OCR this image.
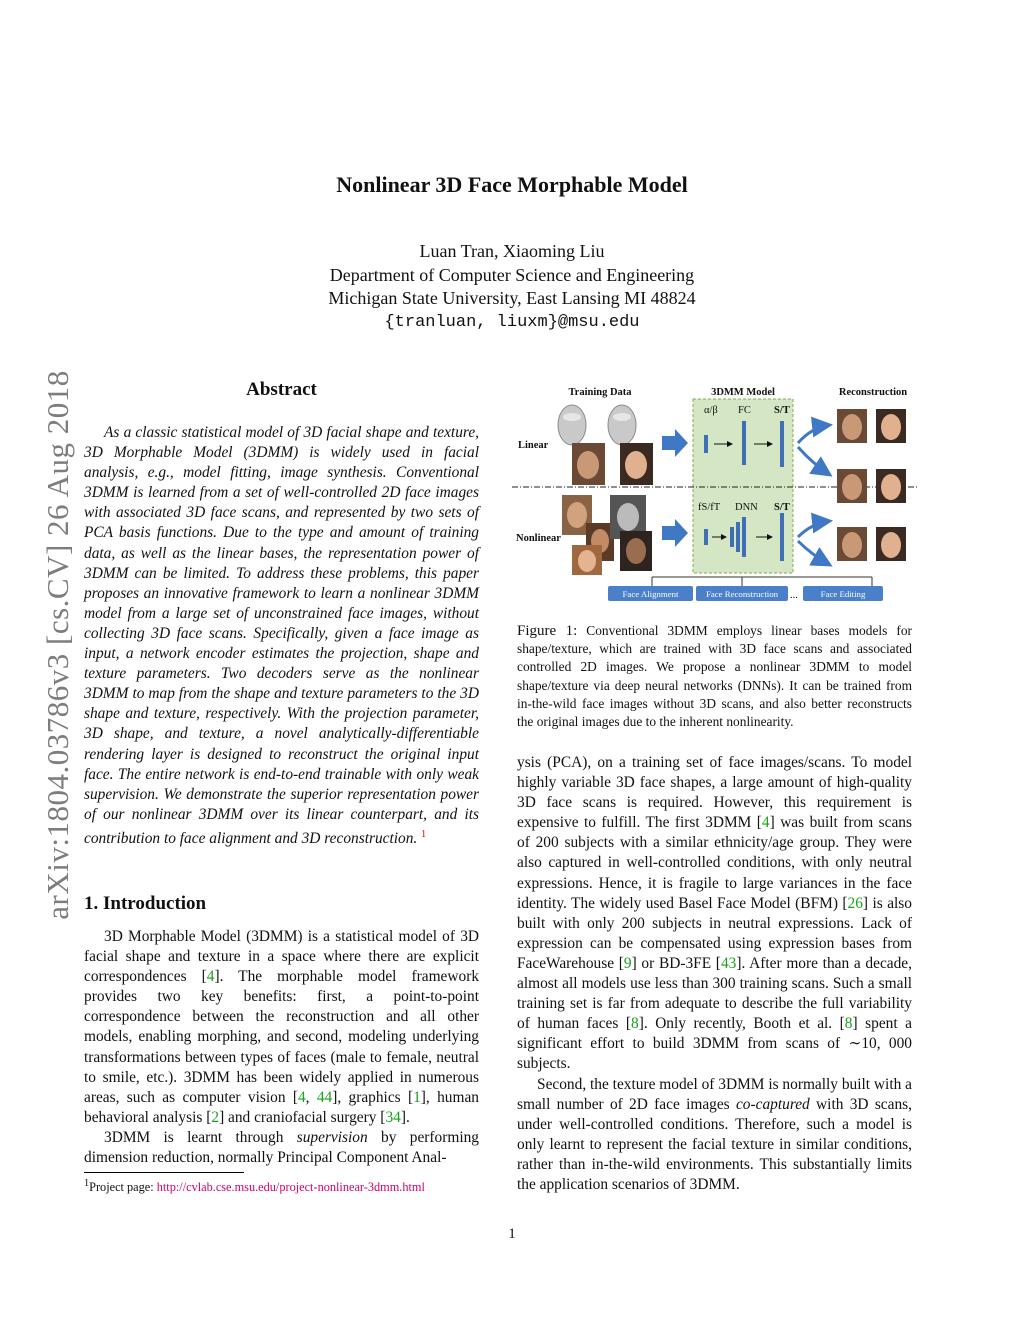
arXiv:1804.03786v3 [cs.CV] 26 Aug 2018
Nonlinear 3D Face Morphable Model
Luan Tran, Xiaoming Liu
Department of Computer Science and Engineering
Michigan State University, East Lansing MI 48824
{tranluan, liuxm}@msu.edu
Abstract
As a classic statistical model of 3D facial shape and texture, 3D Morphable Model (3DMM) is widely used in facial analysis, e.g., model fitting, image synthesis. Conventional 3DMM is learned from a set of well-controlled 2D face images with associated 3D face scans, and represented by two sets of PCA basis functions. Due to the type and amount of training data, as well as the linear bases, the representation power of 3DMM can be limited. To address these problems, this paper proposes an innovative framework to learn a nonlinear 3DMM model from a large set of unconstrained face images, without collecting 3D face scans. Specifically, given a face image as input, a network encoder estimates the projection, shape and texture parameters. Two decoders serve as the nonlinear 3DMM to map from the shape and texture parameters to the 3D shape and texture, respectively. With the projection parameter, 3D shape, and texture, a novel analytically-differentiable rendering layer is designed to reconstruct the original input face. The entire network is end-to-end trainable with only weak supervision. We demonstrate the superior representation power of our nonlinear 3DMM over its linear counterpart, and its contribution to face alignment and 3D reconstruction. $^1$
1. Introduction

3D Morphable Model (3DMM) is a statistical model of 3D facial shape and texture in a space where there are explicit correspondences [4]. The morphable model framework provides two key benefits: first, a point-to-point correspondence between the reconstruction and all other models, enabling morphing, and second, modeling underlying transformations between types of faces (male to female, neutral to smile, etc.). 3DMM has been widely applied in numerous areas, such as computer vision [4, 44], graphics [1], human behavioral analysis [2] and craniofacial surgery [34].

3DMM is learnt through supervision by performing dimension reduction, normally Principal Component Anal-

$^1$Project page: http://cvlab.cse.msu.edu/project-nonlinear-3dmm.html
Training Data	3DMM Model	Reconstruction
Linear
Nonlinear
α/β FC S/T
fS/fT DNN S/T
Face Alignment	Face Reconstruction ...	Face Editing
Figure 1: Conventional 3DMM employs linear bases models for shape/texture, which are trained with 3D face scans and associated controlled 2D images. We propose a nonlinear 3DMM to model shape/texture via deep neural networks (DNNs). It can be trained from in-the-wild face images without 3D scans, and also better reconstructs the original images due to the inherent nonlinearity.

ysis (PCA), on a training set of face images/scans. To model highly variable 3D face shapes, a large amount of high-quality 3D face scans is required. However, this requirement is expensive to fulfill. The first 3DMM [4] was built from scans of 200 subjects with a similar ethnicity/age group. They were also captured in well-controlled conditions, with only neutral expressions. Hence, it is fragile to large variances in the face identity. The widely used Basel Face Model (BFM) [26] is also built with only 200 subjects in neutral expressions. Lack of expression can be compensated using expression bases from FaceWarehouse [9] or BD-3FE [43]. After more than a decade, almost all models use less than 300 training scans. Such a small training set is far from adequate to describe the full variability of human faces [8]. Only recently, Booth et al. [8] spent a significant effort to build 3DMM from scans of ∼10, 000 subjects.

Second, the texture model of 3DMM is normally built with a small number of 2D face images co-captured with 3D scans, under well-controlled conditions. Therefore, such a model is only learnt to represent the facial texture in similar conditions, rather than in-the-wild environments. This substantially limits the application scenarios of 3DMM.

1
